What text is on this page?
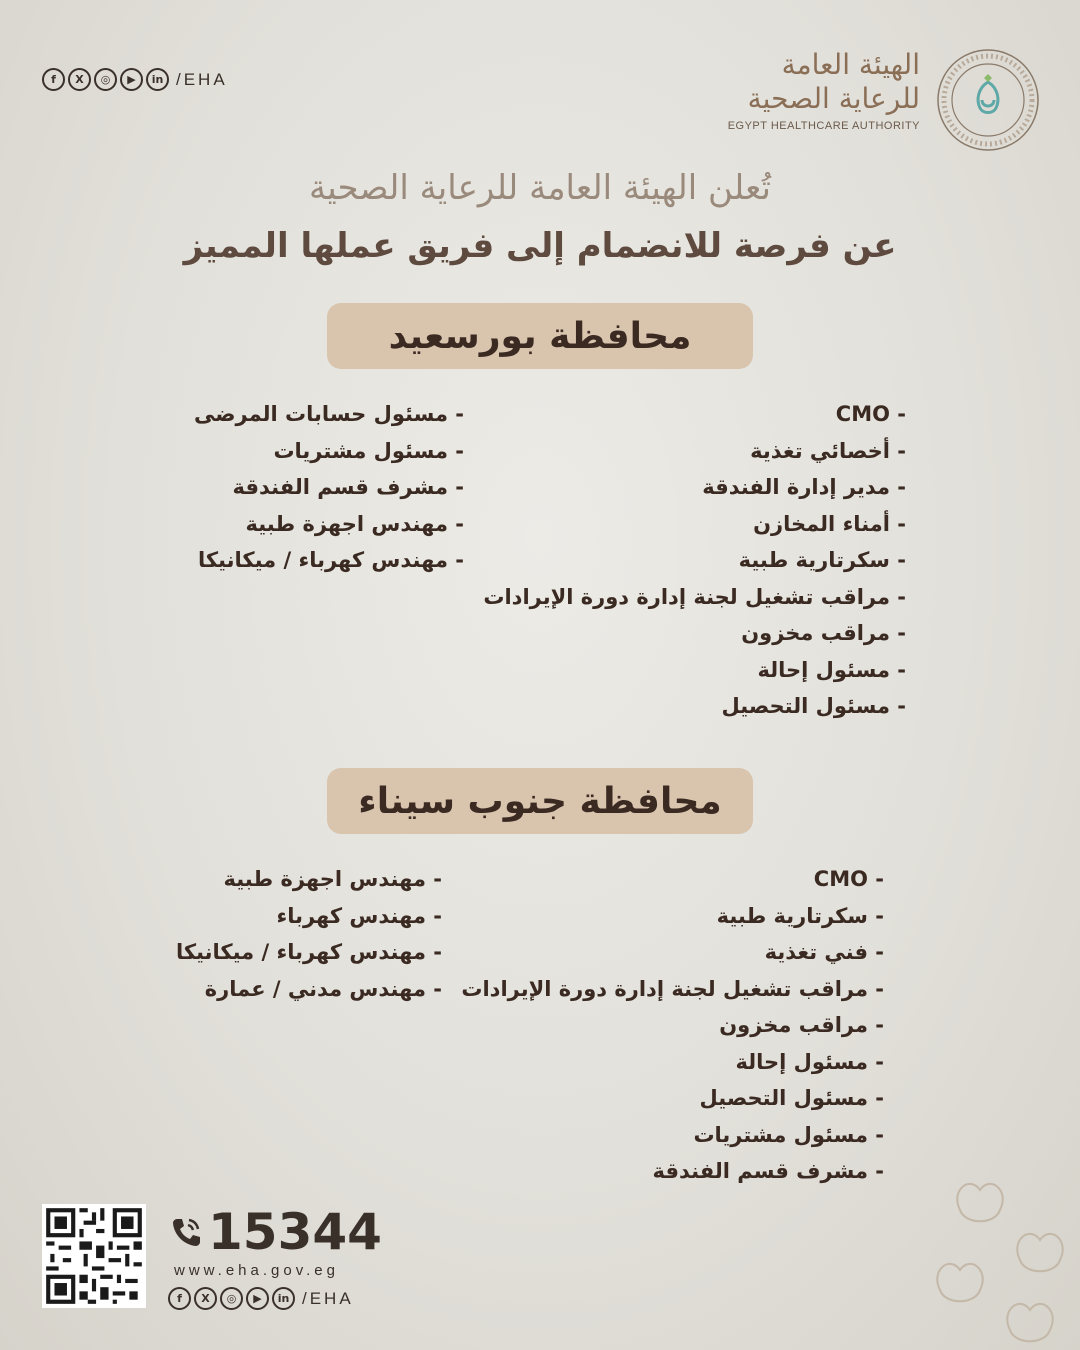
f	X	◎	▶	in /EHA	الهيئة العامة
للرعاية الصحية
EGYPT HEALTHCARE AUTHORITY
تُعلن الهيئة العامة للرعاية الصحية
عن فرصة للانضمام إلى فريق عملها المميز
محافظة بورسعيد
- CMO
- أخصائي تغذية
- مدير إدارة الفندقة
- أمناء المخازن
- سكرتارية طبية
- مراقب تشغيل لجنة إدارة دورة الإيرادات
- مراقب مخزون
- مسئول إحالة
- مسئول التحصيل
- مسئول حسابات المرضى
- مسئول مشتريات
- مشرف قسم الفندقة
- مهندس اجهزة طبية
- مهندس كهرباء / ميكانيكا
محافظة جنوب سيناء
- CMO
- سكرتارية طبية
- فني تغذية
- مراقب تشغيل لجنة إدارة دورة الإيرادات
- مراقب مخزون
- مسئول إحالة
- مسئول التحصيل
- مسئول مشتريات
- مشرف قسم الفندقة
- مهندس اجهزة طبية
- مهندس كهرباء
- مهندس كهرباء / ميكانيكا
- مهندس مدني / عمارة
15344
www.eha.gov.eg
f	X	◎	▶	in /EHA
